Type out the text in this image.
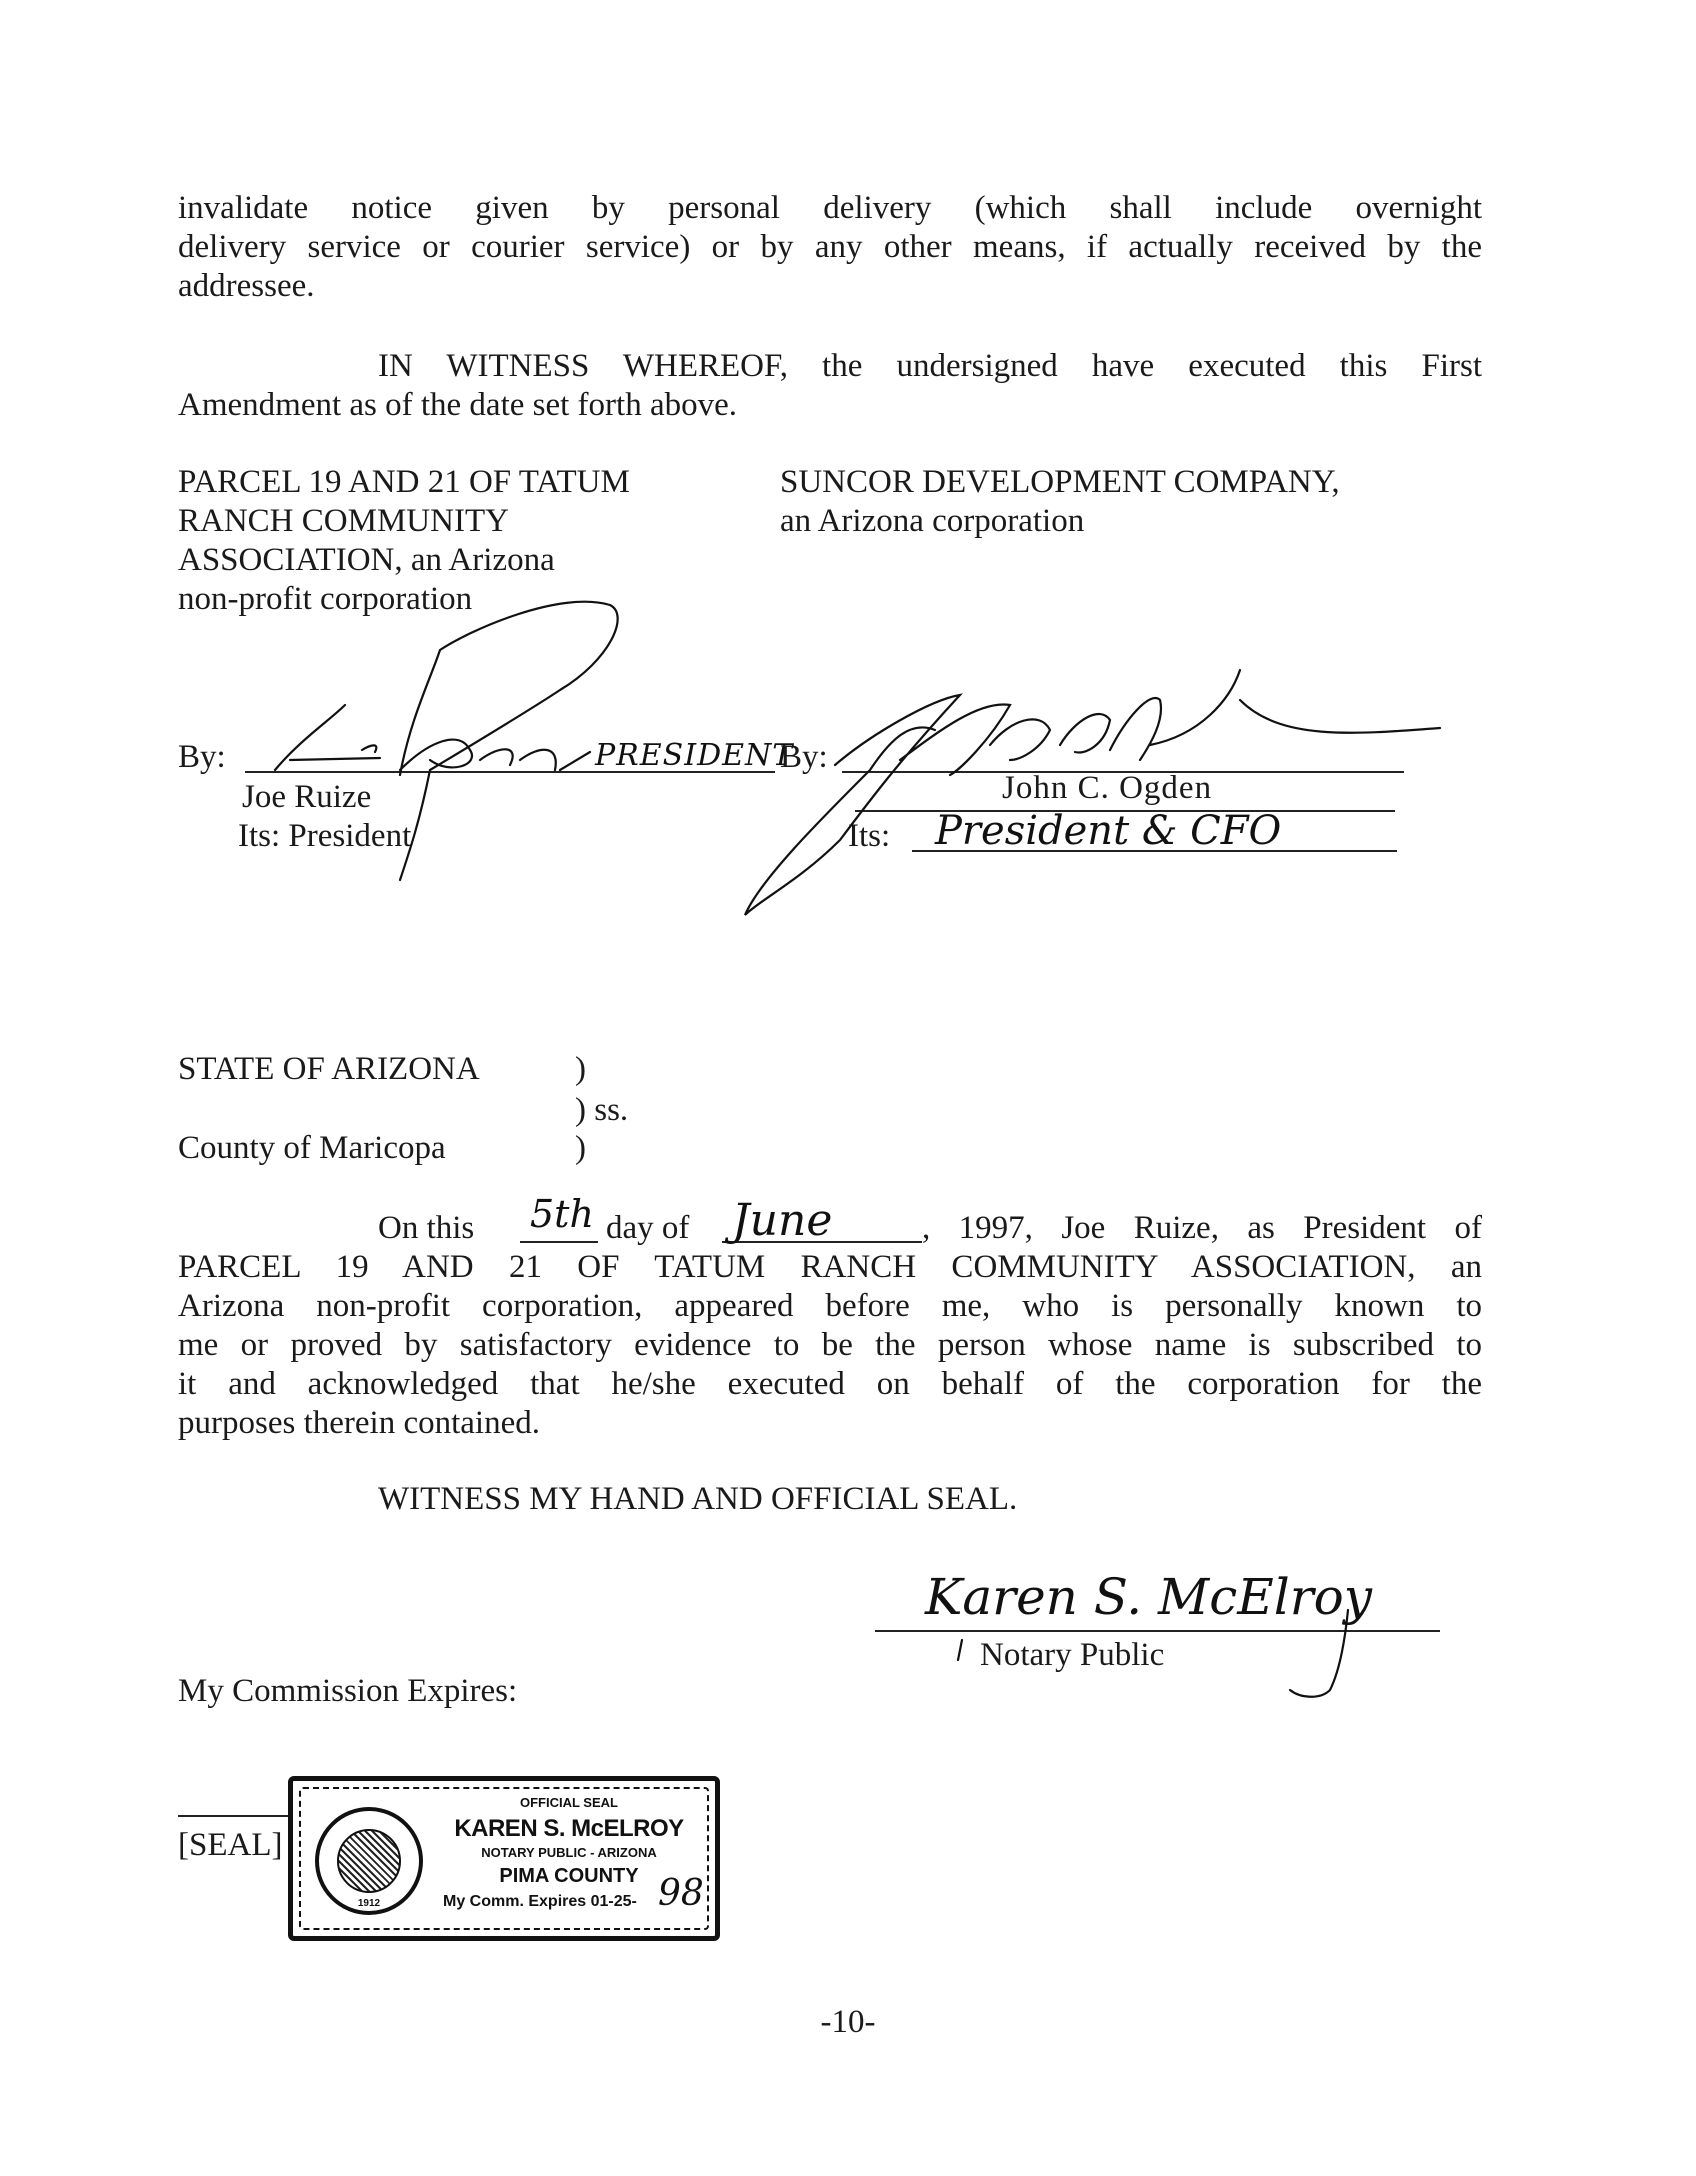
invalidate notice given by personal delivery (which shall include overnight
delivery service or courier service) or by any other means, if actually received by the
addressee.
IN WITNESS WHEREOF, the undersigned have executed this First
Amendment as of the date set forth above.
PARCEL 19 AND 21 OF TATUM
RANCH COMMUNITY
ASSOCIATION, an Arizona
non-profit corporation
SUNCOR DEVELOPMENT COMPANY,
an Arizona corporation
By:	PRESIDENT
Joe Ruize
Its: President
By:
John C. Ogden
Its: President & CFO
STATE OF ARIZONA	)
) ss.
County of Maricopa	)
On this 5th day of June	, 1997, Joe Ruize, as President of
PARCEL 19 AND 21 OF TATUM RANCH COMMUNITY ASSOCIATION, an
Arizona non-profit corporation, appeared before me, who is personally known to
me or proved by satisfactory evidence to be the person whose name is subscribed to
it and acknowledged that he/she executed on behalf of the corporation for the
purposes therein contained.
WITNESS MY HAND AND OFFICIAL SEAL.
Karen S. McElroy
Notary Public
My Commission Expires:
[SEAL]
1912
OFFICIAL SEAL
KAREN S. McELROY
NOTARY PUBLIC - ARIZONA
PIMA COUNTY
My Comm. Expires 01-25- 98
-10-
